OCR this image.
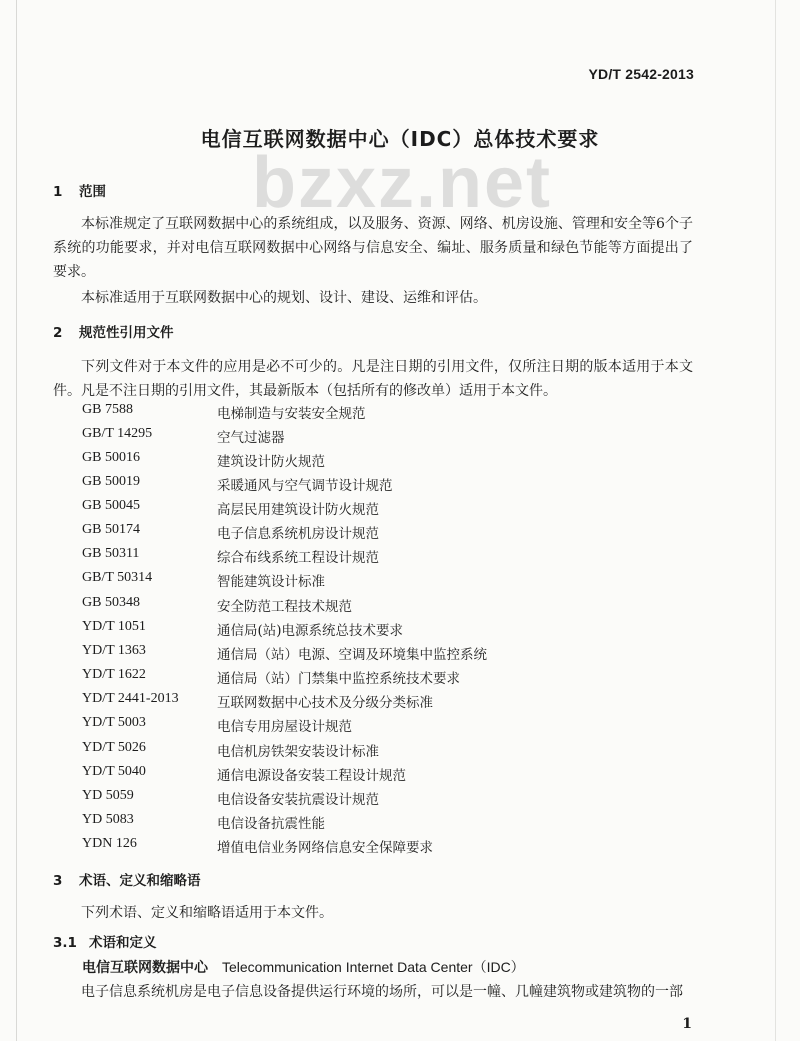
YD/T 2542-2013
bzxz.net
电信互联网数据中心（IDC）总体技术要求
1 范围
本标准规定了互联网数据中心的系统组成，以及服务、资源、网络、机房设施、管理和安全等6个子系统的功能要求，并对电信互联网数据中心网络与信息安全、编址、服务质量和绿色节能等方面提出了要求。
本标准适用于互联网数据中心的规划、设计、建设、运维和评估。
2 规范性引用文件
下列文件对于本文件的应用是必不可少的。凡是注日期的引用文件，仅所注日期的版本适用于本文件。凡是不注日期的引用文件，其最新版本（包括所有的修改单）适用于本文件。
GB 7588	电梯制造与安装安全规范
GB/T 14295	空气过滤器
GB 50016	建筑设计防火规范
GB 50019	采暖通风与空气调节设计规范
GB 50045	高层民用建筑设计防火规范
GB 50174	电子信息系统机房设计规范
GB 50311	综合布线系统工程设计规范
GB/T 50314	智能建筑设计标准
GB 50348	安全防范工程技术规范
YD/T 1051	通信局(站)电源系统总技术要求
YD/T 1363	通信局（站）电源、空调及环境集中监控系统
YD/T 1622	通信局（站）门禁集中监控系统技术要求
YD/T 2441-2013	互联网数据中心技术及分级分类标准
YD/T 5003	电信专用房屋设计规范
YD/T 5026	电信机房铁架安装设计标准
YD/T 5040	通信电源设备安装工程设计规范
YD 5059	电信设备安装抗震设计规范
YD 5083	电信设备抗震性能
YDN 126	增值电信业务网络信息安全保障要求
3 术语、定义和缩略语
下列术语、定义和缩略语适用于本文件。
3.1 术语和定义
电信互联网数据中心 Telecommunication Internet Data Center（IDC）
电子信息系统机房是电子信息设备提供运行环境的场所，可以是一幢、几幢建筑物或建筑物的一部
1
